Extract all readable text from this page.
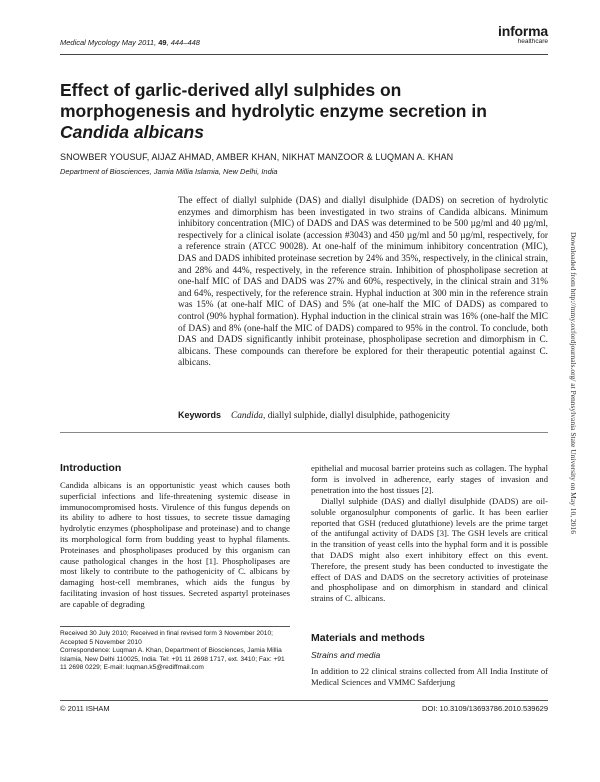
Medical Mycology May 2011, 49, 444–448
informa
healthcare
Effect of garlic-derived allyl sulphides on morphogenesis and hydrolytic enzyme secretion in Candida albicans
SNOWBER YOUSUF, AIJAZ AHMAD, AMBER KHAN, NIKHAT MANZOOR & LUQMAN A. KHAN
Department of Biosciences, Jamia Millia Islamia, New Delhi, India

The effect of diallyl sulphide (DAS) and diallyl disulphide (DADS) on secretion of hydrolytic enzymes and dimorphism has been investigated in two strains of Candida albicans. Minimum inhibitory concentration (MIC) of DADS and DAS was determined to be 500 µg/ml and 40 µg/ml, respectively for a clinical isolate (accession #3043) and 450 µg/ml and 50 µg/ml, respectively, for a reference strain (ATCC 90028). At one-half of the minimum inhibitory concentration (MIC), DAS and DADS inhibited proteinase secretion by 24% and 35%, respectively, in the clinical strain, and 28% and 44%, respectively, in the reference strain. Inhibition of phospholipase secretion at one-half MIC of DAS and DADS was 27% and 60%, respectively, in the clinical strain and 31% and 64%, respectively, for the reference strain. Hyphal induction at 300 min in the reference strain was 15% (at one-half MIC of DAS) and 5% (at one-half the MIC of DADS) as compared to control (90% hyphal formation). Hyphal induction in the clinical strain was 16% (one-half the MIC of DAS) and 8% (one-half the MIC of DADS) compared to 95% in the control. To conclude, both DAS and DADS significantly inhibit proteinase, phospholipase secretion and dimorphism in C. albicans. These compounds can therefore be explored for their therapeutic potential against C. albicans.

Keywords Candida, diallyl sulphide, diallyl disulphide, pathogenicity	Downloaded from http://mmy.oxfordjournals.org/ at Pennsylvania State University on May 10, 2016
Introduction

Candida albicans is an opportunistic yeast which causes both superficial infections and life-threatening systemic disease in immunocompromised hosts. Virulence of this fungus depends on its ability to adhere to host tissues, to secrete tissue damaging hydrolytic enzymes (phospholipase and proteinase) and to change its morphological form from budding yeast to hyphal filaments. Proteinases and phospholipases produced by this organism can cause pathological changes in the host [1]. Phospholipases are most likely to contribute to the pathogenicity of C. albicans by damaging host-cell membranes, which aids the fungus by facilitating invasion of host tissues. Secreted aspartyl proteinases are capable of degrading

Received 30 July 2010; Received in final revised form 3 November 2010; Accepted 5 November 2010
Correspondence: Luqman A. Khan, Department of Biosciences, Jamia Millia Islamia, New Delhi 110025, India. Tel: +91 11 2698 1717, ext. 3410; Fax: +91 11 2698 0229; E-mail: luqman.k5@rediffmail.com

epithelial and mucosal barrier proteins such as collagen. The hyphal form is involved in adherence, early stages of invasion and penetration into the host tissues [2].

Diallyl sulphide (DAS) and diallyl disulphide (DADS) are oil-soluble organosulphur components of garlic. It has been earlier reported that GSH (reduced glutathione) levels are the prime target of the antifungal activity of DADS [3]. The GSH levels are critical in the transition of yeast cells into the hyphal form and it is possible that DADS might also exert inhibitory effect on this event. Therefore, the present study has been conducted to investigate the effect of DAS and DADS on the secretory activities of proteinase and phospholipase and on dimorphism in standard and clinical strains of C. albicans.

Materials and methods
Strains and media

In addition to 22 clinical strains collected from All India Institute of Medical Sciences and VMMC Safderjung

© 2011 ISHAM	DOI: 10.3109/13693786.2010.539629
